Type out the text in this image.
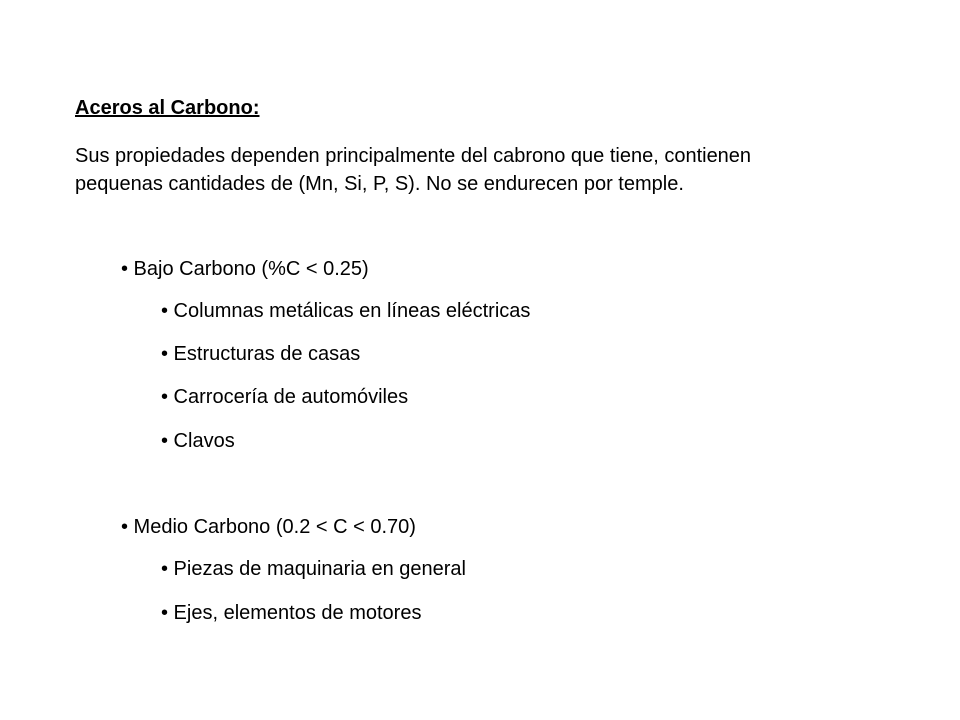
Aceros al Carbono:

Sus propiedades dependen principalmente del cabrono que tiene, contienen

pequenas cantidades de (Mn, Si, P, S). No se endurecen por temple.

• Bajo Carbono (%C < 0.25)
• Columnas metálicas en líneas eléctricas
• Estructuras de casas
• Carrocería de automóviles
• Clavos
• Medio Carbono (0.2 < C < 0.70)
• Piezas de maquinaria en general
• Ejes, elementos de motores
